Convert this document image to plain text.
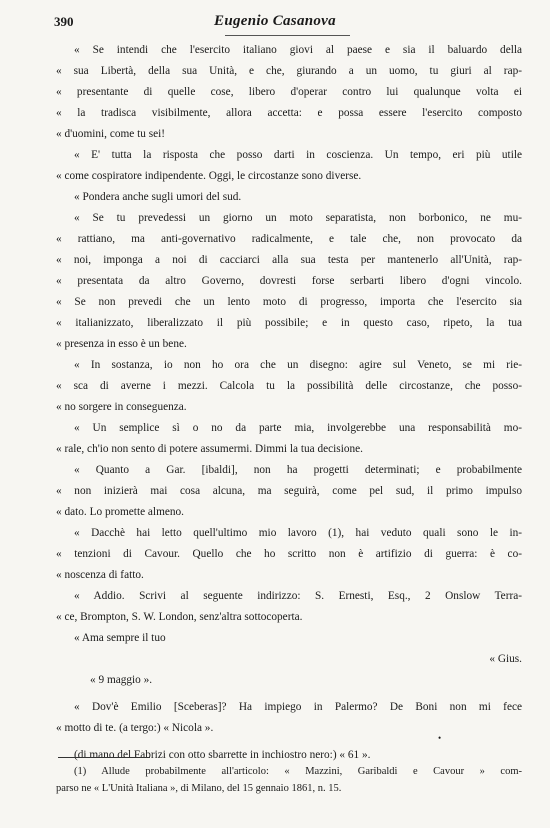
390	Eugenio Casanova
« Se intendi che l'esercito italiano giovi al paese e sia il baluardo della
« sua Libertà, della sua Unità, e che, giurando a un uomo, tu giuri al rap-
« presentante di quelle cose, libero d'operar contro lui qualunque volta ei
« la tradisca visibilmente, allora accetta: e possa essere l'esercito composto
« d'uomini, come tu sei!
« E' tutta la risposta che posso darti in coscienza. Un tempo, eri più utile
« come cospiratore indipendente. Oggi, le circostanze sono diverse.
« Pondera anche sugli umori del sud.
« Se tu prevedessi un giorno un moto separatista, non borbonico, ne mu-
« rattiano, ma anti-governativo radicalmente, e tale che, non provocato da
« noi, imponga a noi di cacciarci alla sua testa per mantenerlo all'Unità, rap-
« presentata da altro Governo, dovresti forse serbarti libero d'ogni vincolo.
« Se non prevedi che un lento moto di progresso, importa che l'esercito sia
« italianizzato, liberalizzato il più possibile; e in questo caso, ripeto, la tua
« presenza in esso è un bene.
« In sostanza, io non ho ora che un disegno: agire sul Veneto, se mi rie-
« sca di averne i mezzi. Calcola tu la possibilità delle circostanze, che posso-
« no sorgere in conseguenza.
« Un semplice sì o no da parte mia, involgerebbe una responsabilità mo-
« rale, ch'io non sento di potere assumermi. Dimmi la tua decisione.
« Quanto a Gar. [ibaldi], non ha progetti determinati; e probabilmente
« non inizierà mai cosa alcuna, ma seguirà, come pel sud, il primo impulso
« dato. Lo promette almeno.
« Dacchè hai letto quell'ultimo mio lavoro (1), hai veduto quali sono le in-
« tenzioni di Cavour. Quello che ho scritto non è artifizio di guerra: è co-
« noscenza di fatto.
« Addio. Scrivi al seguente indirizzo: S. Ernesti, Esq., 2 Onslow Terra-
« ce, Brompton, S. W. London, senz'altra sottocoperta.
« Ama sempre il tuo
« Gius.
« 9 maggio ».
« Dov'è Emilio [Sceberas]? Ha impiego in Palermo? De Boni non mi fece
« motto di te. (a tergo:) « Nicola ».
(di mano del Fabrizi con otto sbarrette in inchiostro nero:) « 61 ».
•
(1) Allude probabilmente all'articolo: « Mazzini, Garibaldi e Cavour » com-
parso ne « L'Unità Italiana », di Milano, del 15 gennaio 1861, n. 15.
